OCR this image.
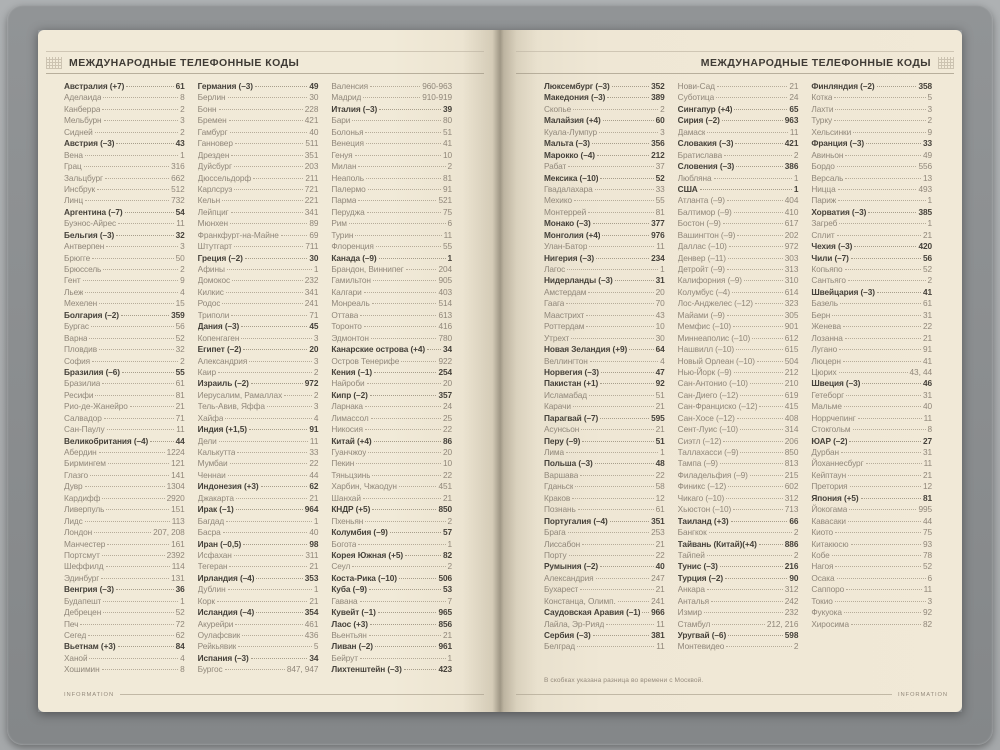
МЕЖДУНАРОДНЫЕ ТЕЛЕФОННЫЕ КОДЫ
Австралия (+7)	61
Аделаида	8
Канберра	2
Мельбурн	3
Сидней	2
Австрия (–3)	43
Вена	1
Грац	316
Зальцбург	662
Инсбрук	512
Линц	732
Аргентина (–7)	54
Буэнос-Айрес	11
Бельгия (–3)	32
Антверпен	3
Брюгге	50
Брюссель	2
Гент	9
Льеж	4
Мехелен	15
Болгария (–2)	359
Бургас	56
Варна	52
Пловдив	32
София	2
Бразилия (–6)	55
Бразилиа	61
Ресифи	81
Рио-де-Жанейро	21
Салвадор	71
Сан-Паулу	11
Великобритания (–4)	44
Абердин	1224
Бирмингем	121
Глазго	141
Дувр	1304
Кардифф	2920
Ливерпуль	151
Лидс	113
Лондон	207, 208
Манчестер	161
Портсмут	2392
Шеффилд	114
Эдинбург	131
Венгрия (–3)	36
Будапешт	1
Дебрецен	52
Печ	72
Сегед	62
Вьетнам (+3)	84
Ханой	4
Хошимин	8
Германия (–3)	49
Берлин	30
Бонн	228
Бремен	421
Гамбург	40
Ганновер	511
Дрезден	351
Дуйсбург	203
Дюссельдорф	211
Карлсруэ	721
Кельн	221
Лейпциг	341
Мюнхен	89
Франкфурт-на-Майне	69
Штутгарт	711
Греция (–2)	30
Афины	1
Домокос	232
Килкис	341
Родос	241
Триполи	71
Дания (–3)	45
Копенгаген	3
Египет (–2)	20
Александрия	3
Каир	2
Израиль (–2)	972
Иерусалим, Рамаллах	2
Тель-Авив, Яффа	3
Хайфа	4
Индия (+1,5)	91
Дели	11
Калькутта	33
Мумбаи	22
Ченнаи	44
Индонезия (+3)	62
Джакарта	21
Ирак (–1)	964
Багдад	1
Басра	40
Иран (–0,5)	98
Исфахан	311
Тегеран	21
Ирландия (–4)	353
Дублин	1
Корк	21
Исландия (–4)	354
Акурейри	461
Оулафсвик	436
Рейкьявик	5
Испания (–3)	34
Бургос	847, 947
Валенсия	960-963
Мадрид	910-919
Италия (–3)	39
Бари	80
Болонья	51
Венеция	41
Генуя	10
Милан	2
Неаполь	81
Палермо	91
Парма	521
Перуджа	75
Рим	6
Турин	11
Флоренция	55
Канада (–9)	1
Брандон, Виннипег	204
Гамильтон	905
Калгари	403
Монреаль	514
Оттава	613
Торонто	416
Эдмонтон	780
Канарские острова (+4) 34
Остров Тенерифе	922
Кения (–1)	254
Найроби	20
Кипр (–2)	357
Ларнака	24
Лимассол	25
Никосия	22
Китай (+4)	86
Гуанчжоу	20
Пекин	10
Тяньцзинь	22
Харбин, Чжаодун	451
Шанхай	21
КНДР (+5)	850
Пхеньян	2
Колумбия (–9)	57
Богота	1
Корея Южная (+5)	82
Сеул	2
Коста-Рика (–10)	506
Куба (–9)	53
Гавана	7
Кувейт (–1)	965
Лаос (+3)	856
Вьентьян	21
Ливан (–2)	961
Бейрут	1
Лихтенштейн (–3)	423
INFORMATION
МЕЖДУНАРОДНЫЕ ТЕЛЕФОННЫЕ КОДЫ
Люксембург (–3)	352
Македония (–3)	389
Скопье	2
Малайзия (+4)	60
Куала-Лумпур	3
Мальта (–3)	356
Марокко (–4)	212
Рабат	37
Мексика (–10)	52
Гвадалахара	33
Мехико	55
Монтеррей	81
Монако (–3)	377
Монголия (+4)	976
Улан-Батор	11
Нигерия (–3)	234
Лагос	1
Нидерланды (–3)	31
Амстердам	20
Гаага	70
Маастрихт	43
Роттердам	10
Утрехт	30
Новая Зеландия (+9)	64
Веллингтон	4
Норвегия (–3)	47
Пакистан (+1)	92
Исламабад	51
Карачи	21
Парагвай (–7)	595
Асунсьон	21
Перу (–9)	51
Лима	1
Польша (–3)	48
Варшава	22
Гданьск	58
Краков	12
Познань	61
Португалия (–4)	351
Брага	253
Лиссабон	21
Порту	22
Румыния (–2)	40
Александрия	247
Бухарест	21
Констанца, Олимп.	241
Саудовская Аравия (–1) 966
Лайла, Эр-Рияд	11
Сербия (–3)	381
Белград	11
Нови-Сад	21
Суботица	24
Сингапур (+4)	65
Сирия (–2)	963
Дамаск	11
Словакия (–3)	421
Братислава	2
Словения (–3)	386
Любляна	1
США	1
Атланта (–9)	404
Балтимор (–9)	410
Бостон (–9)	617
Вашингтон (–9)	202
Даллас (–10)	972
Денвер (–11)	303
Детройт (–9)	313
Калифорния (–9)	310
Колумбус (–4)	614
Лос-Анджелес (–12)	323
Майами (–9)	305
Мемфис (–10)	901
Миннеаполис (–10)	612
Нашвилл (–10)	615
Новый Орлеан (–10)	504
Нью-Йорк (–9)	212
Сан-Антонио (–10)	210
Сан-Диего (–12)	619
Сан-Франциско (–12)	415
Сан-Хосе (–12)	408
Сент-Луис (–10)	314
Сиэтл (–12)	206
Таллахасси (–9)	850
Тампа (–9)	813
Филадельфия (–9)	215
Финикс (–12)	602
Чикаго (–10)	312
Хьюстон (–10)	713
Таиланд (+3)	66
Бангкок	2
Тайвань (Китай)(+4)	886
Тайпей	2
Тунис (–3)	216
Турция (–2)	90
Анкара	312
Анталья	242
Измир	232
Стамбул	212, 216
Уругвай (–6)	598
Монтевидео	2
Финляндия (–2)	358
Котка	5
Лахти	3
Турку	2
Хельсинки	9
Франция (–3)	33
Авиньон	49
Бордо	556
Версаль	13
Ницца	493
Париж	1
Хорватия (–3)	385
Загреб	1
Сплит	21
Чехия (–3)	420
Чили (–7)	56
Копьяпо	52
Сантьяго	2
Швейцария (–3)	41
Базель	61
Берн	31
Женева	22
Лозанна	21
Лугано	91
Люцерн	41
Цюрих	43, 44
Швеция (–3)	46
Гетеборг	31
Мальме	40
Норрчепинг	11
Стокгольм	8
ЮАР (–2)	27
Дурбан	31
Йоханнесбург	11
Кейптаун	21
Претория	12
Япония (+5)	81
Йокогама	995
Кавасаки	44
Киото	75
Китакюсю	93
Кобе	78
Нагоя	52
Осака	6
Саппоро	11
Токио	3
Фукуока	92
Хиросима	82
В скобках указана разница во времени с Москвой.
INFORMATION
